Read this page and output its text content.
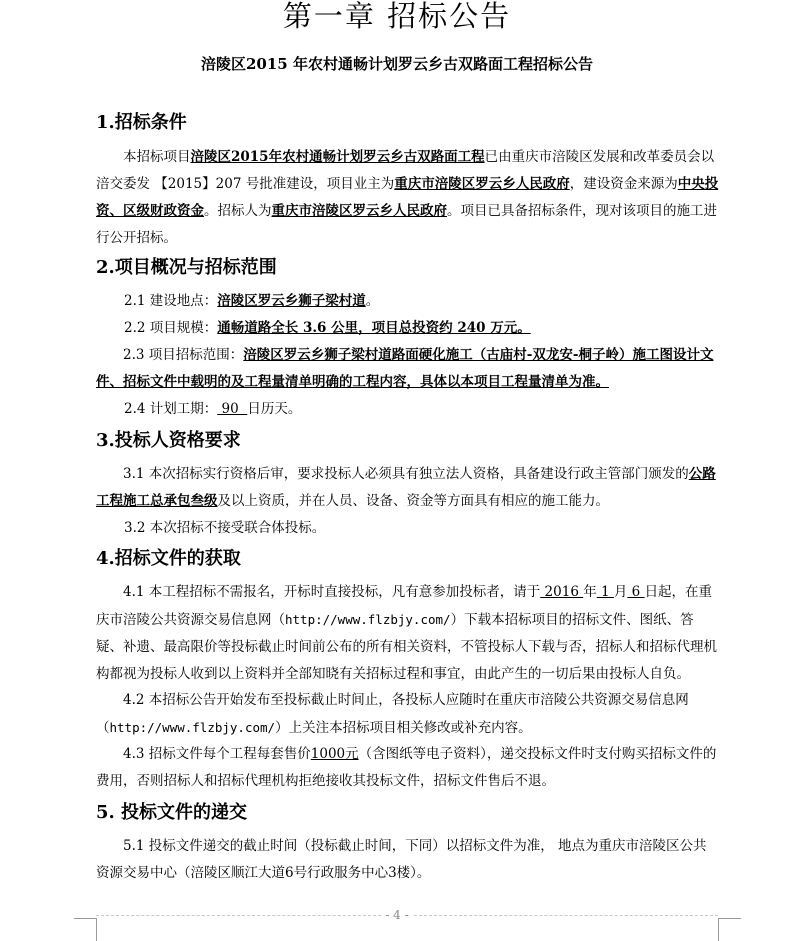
第一章 招标公告
涪陵区2015 年农村通畅计划罗云乡古双路面工程招标公告
1.招标条件
本招标项目涪陵区2015年农村通畅计划罗云乡古双路面工程已由重庆市涪陵区发展和改革委员会以涪交委发 【2015】207 号批准建设，项目业主为重庆市涪陵区罗云乡人民政府，建设资金来源为中央投资、区级财政资金。招标人为重庆市涪陵区罗云乡人民政府。项目已具备招标条件，现对该项目的施工进行公开招标。
2.项目概况与招标范围
2.1 建设地点：涪陵区罗云乡狮子梁村道。
2.2 项目规模：通畅道路全长 3.6 公里，项目总投资约 240 万元。
2.3 项目招标范围：涪陵区罗云乡狮子梁村道路面硬化施工（古庙村-双龙安-桐子岭）施工图设计文件、招标文件中载明的及工程量清单明确的工程内容，具体以本项目工程量清单为准。
2.4 计划工期： 90  日历天。
3.投标人资格要求
3.1 本次招标实行资格后审，要求投标人必须具有独立法人资格，具备建设行政主管部门颁发的公路工程施工总承包叁级及以上资质，并在人员、设备、资金等方面具有相应的施工能力。
3.2 本次招标不接受联合体投标。
4.招标文件的获取
4.1 本工程招标不需报名，开标时直接投标，凡有意参加投标者，请于 2016 年 1 月 6 日起，在重庆市涪陵公共资源交易信息网（http://www.flzbjy.com/）下载本招标项目的招标文件、图纸、答疑、补遗、最高限价等投标截止时间前公布的所有相关资料，不管投标人下载与否，招标人和招标代理机构都视为投标人收到以上资料并全部知晓有关招标过程和事宜，由此产生的一切后果由投标人自负。
4.2 本招标公告开始发布至投标截止时间止，各投标人应随时在重庆市涪陵公共资源交易信息网（http://www.flzbjy.com/）上关注本招标项目相关修改或补充内容。
4.3 招标文件每个工程每套售价1000元（含图纸等电子资料），递交投标文件时支付购买招标文件的费用，否则招标人和招标代理机构拒绝接收其投标文件，招标文件售后不退。
5. 投标文件的递交
5.1 投标文件递交的截止时间（投标截止时间，下同）以招标文件为准， 地点为重庆市涪陵区公共资源交易中心（涪陵区顺江大道6号行政服务中心3楼）。
- 4 -
